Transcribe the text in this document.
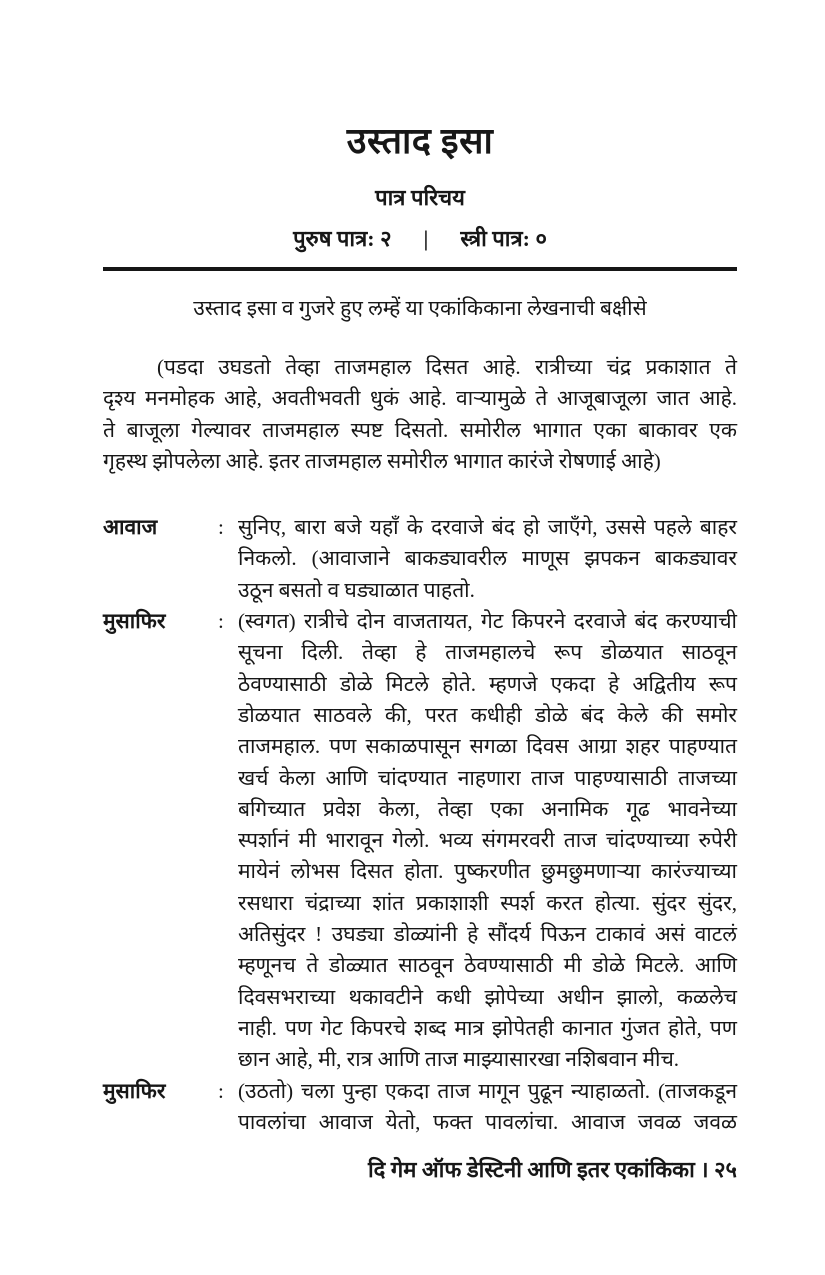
उस्ताद इसा
पात्र परिचय
पुरुष पात्र: २ | स्त्री पात्र: ०
उस्ताद इसा व गुजरे हुए लम्हें या एकांकिकाना लेखनाची बक्षीसे
(पडदा उघडतो तेव्हा ताजमहाल दिसत आहे. रात्रीच्या चंद्र प्रकाशात ते
दृश्य मनमोहक आहे, अवतीभवती धुकं आहे. वाऱ्यामुळे ते आजूबाजूला जात आहे.
ते बाजूला गेल्यावर ताजमहाल स्पष्ट दिसतो. समोरील भागात एका बाकावर एक
गृहस्थ झोपलेला आहे. इतर ताजमहाल समोरील भागात कारंजे रोषणाई आहे)
आवाज	: सुनिए, बारा बजे यहाँ के दरवाजे बंद हो जाएँगे, उससे पहले बाहर
निकलो. (आवाजाने बाकड्यावरील माणूस झपकन बाकड्यावर
उठून बसतो व घड्याळात पाहतो.
मुसाफिर	: (स्वगत) रात्रीचे दोन वाजतायत, गेट किपरने दरवाजे बंद करण्याची
सूचना दिली. तेव्हा हे ताजमहालचे रूप डोळयात साठवून
ठेवण्यासाठी डोळे मिटले होते. म्हणजे एकदा हे अद्वितीय रूप
डोळयात साठवले की, परत कधीही डोळे बंद केले की समोर
ताजमहाल. पण सकाळपासून सगळा दिवस आग्रा शहर पाहण्यात
खर्च केला आणि चांदण्यात नाहणारा ताज पाहण्यासाठी ताजच्या
बगिच्यात प्रवेश केला, तेव्हा एका अनामिक गूढ भावनेच्या
स्पर्शानं मी भारावून गेलो. भव्य संगमरवरी ताज चांदण्याच्या रुपेरी
मायेनं लोभस दिसत होता. पुष्करणीत छुमछुमणाऱ्या कारंज्याच्या
रसधारा चंद्राच्या शांत प्रकाशाशी स्पर्श करत होत्या. सुंदर सुंदर,
अतिसुंदर ! उघड्या डोळ्यांनी हे सौंदर्य पिऊन टाकावं असं वाटलं
म्हणूनच ते डोळ्यात साठवून ठेवण्यासाठी मी डोळे मिटले. आणि
दिवसभराच्या थकावटीने कधी झोपेच्या अधीन झालो, कळलेच
नाही. पण गेट किपरचे शब्द मात्र झोपेतही कानात गुंजत होते, पण
छान आहे, मी, रात्र आणि ताज माझ्यासारखा नशिबवान मीच.
मुसाफिर	: (उठतो) चला पुन्हा एकदा ताज मागून पुढून न्याहाळतो. (ताजकडून
पावलांचा आवाज येतो, फक्त पावलांचा. आवाज जवळ जवळ
दि गेम ऑफ डेस्टिनी आणि इतर एकांकिका । २५
